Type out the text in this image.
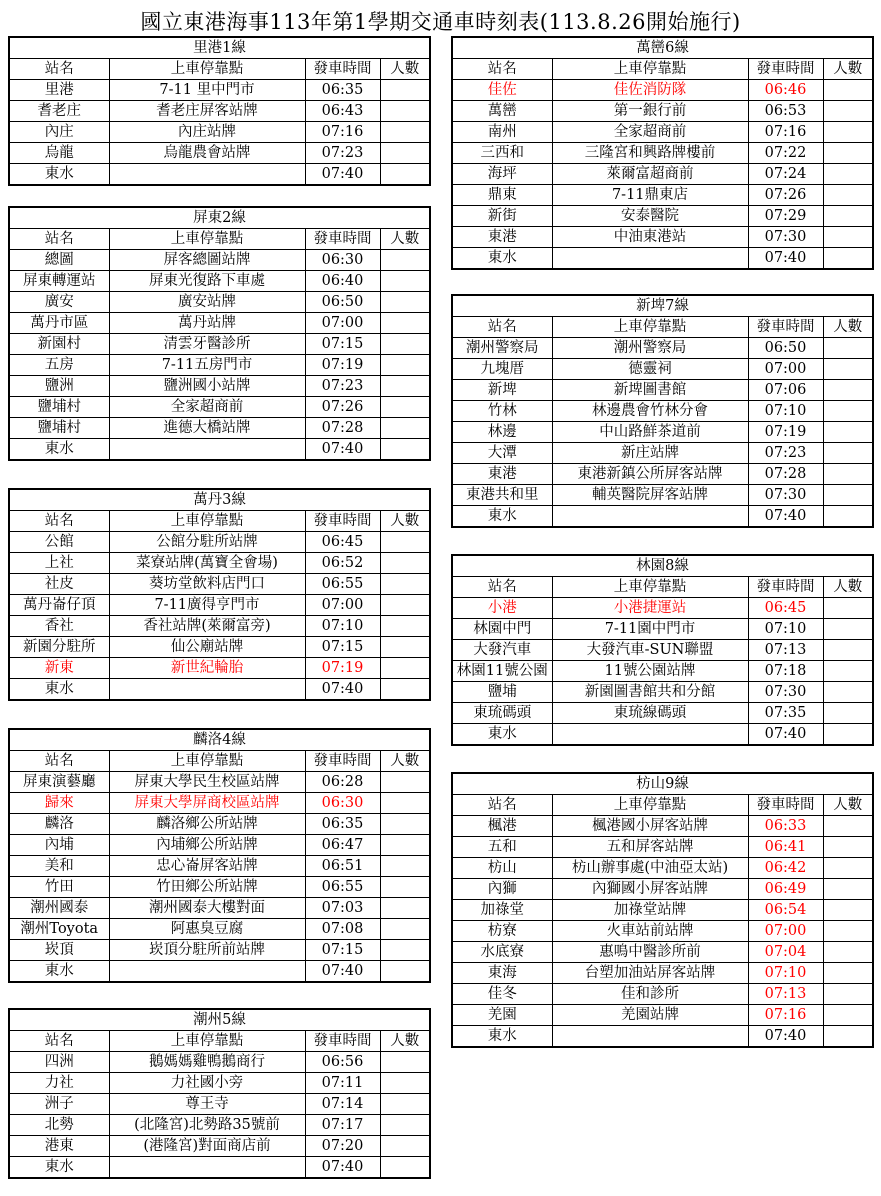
國立東港海事113年第1學期交通車時刻表(113.8.26開始施行)
里港1線			
站名	上車停靠點	發車時間	人數
里港	7-11 里中門市	06:35	
耆老庄	耆老庄屏客站牌	06:43	
內庄	內庄站牌	07:16	
烏龍	烏龍農會站牌	07:23	
東水		07:40	
屏東2線			
站名	上車停靠點	發車時間	人數
總圖	屏客總圖站牌	06:30	
屏東轉運站	屏東光復路下車處	06:40	
廣安	廣安站牌	06:50	
萬丹市區	萬丹站牌	07:00	
新園村	清雲牙醫診所	07:15	
五房	7-11五房門市	07:19	
鹽洲	鹽洲國小站牌	07:23	
鹽埔村	全家超商前	07:26	
鹽埔村	進德大橋站牌	07:28	
東水		07:40	
萬丹3線			
站名	上車停靠點	發車時間	人數
公館	公館分駐所站牌	06:45	
上社	菜寮站牌(萬寶全會場)	06:52	
社皮	葵坊堂飲料店門口	06:55	
萬丹崙仔頂	7-11廣得亨門市	07:00	
香社	香社站牌(萊爾富旁)	07:10	
新園分駐所	仙公廟站牌	07:15	
新東	新世紀輪胎	07:19	
東水		07:40	
麟洛4線			
站名	上車停靠點	發車時間	人數
屏東演藝廳	屏東大學民生校區站牌	06:28	
歸來	屏東大學屏商校區站牌	06:30	
麟洛	麟洛鄉公所站牌	06:35	
內埔	內埔鄉公所站牌	06:47	
美和	忠心崙屏客站牌	06:51	
竹田	竹田鄉公所站牌	06:55	
潮州國泰	潮州國泰大樓對面	07:03	
潮州Toyota	阿惠臭豆腐	07:08	
崁頂	崁頂分駐所前站牌	07:15	
東水		07:40	
潮州5線			
站名	上車停靠點	發車時間	人數
四洲	鵝媽媽雞鴨鵝商行	06:56	
力社	力社國小旁	07:11	
洲子	尊王寺	07:14	
北勢	(北隆宮)北勢路35號前	07:17	
港東	(港隆宮)對面商店前	07:20	
東水		07:40	
萬巒6線			
站名	上車停靠點	發車時間	人數
佳佐	佳佐消防隊	06:46	
萬巒	第一銀行前	06:53	
南州	全家超商前	07:16	
三西和	三隆宮和興路牌樓前	07:22	
海坪	萊爾富超商前	07:24	
鼎東	7-11鼎東店	07:26	
新街	安泰醫院	07:29	
東港	中油東港站	07:30	
東水		07:40	
新埤7線			
站名	上車停靠點	發車時間	人數
潮州警察局	潮州警察局	06:50	
九塊厝	德靈祠	07:00	
新埤	新埤圖書館	07:06	
竹林	林邊農會竹林分會	07:10	
林邊	中山路鮮茶道前	07:19	
大潭	新庄站牌	07:23	
東港	東港新鎮公所屏客站牌	07:28	
東港共和里	輔英醫院屏客站牌	07:30	
東水		07:40	
林園8線			
站名	上車停靠點	發車時間	人數
小港	小港捷運站	06:45	
林園中門	7-11園中門市	07:10	
大發汽車	大發汽車-SUN聯盟	07:13	
林園11號公園	11號公園站牌	07:18	
鹽埔	新園圖書館共和分館	07:30	
東琉碼頭	東琉線碼頭	07:35	
東水		07:40	
枋山9線			
站名	上車停靠點	發車時間	人數
楓港	楓港國小屏客站牌	06:33	
五和	五和屏客站牌	06:41	
枋山	枋山辦事處(中油亞太站)	06:42	
內獅	內獅國小屏客站牌	06:49	
加祿堂	加祿堂站牌	06:54	
枋寮	火車站前站牌	07:00	
水底寮	惠鳴中醫診所前	07:04	
東海	台塑加油站屏客站牌	07:10	
佳冬	佳和診所	07:13	
羌園	羌園站牌	07:16	
東水		07:40	
